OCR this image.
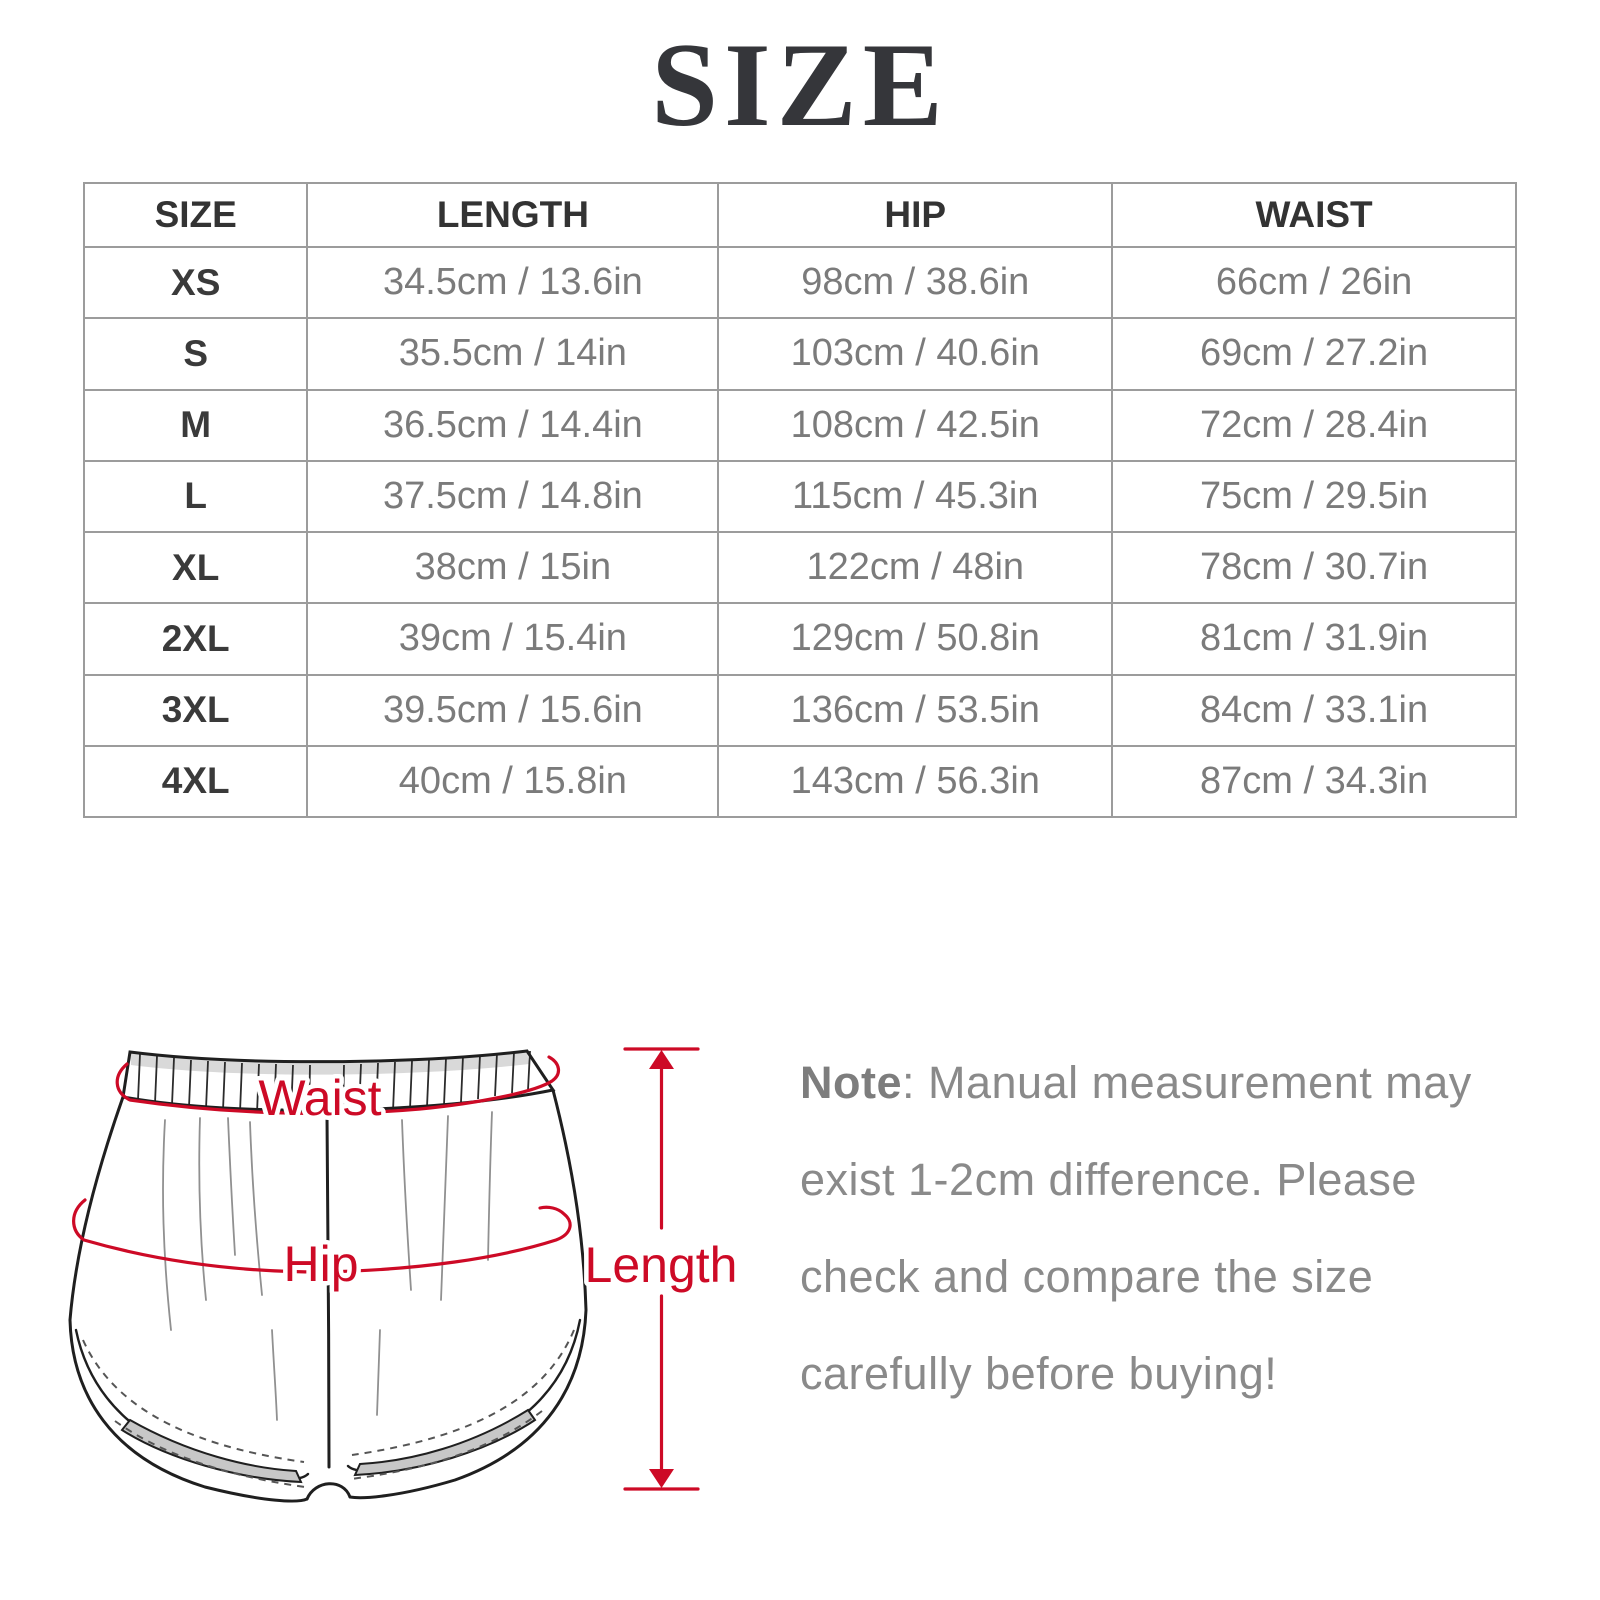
SIZE
SIZE	LENGTH	HIP	WAIST
XS	34.5cm / 13.6in	98cm / 38.6in	66cm / 26in
S	35.5cm / 14in	103cm / 40.6in	69cm / 27.2in
M	36.5cm / 14.4in	108cm / 42.5in	72cm / 28.4in
L	37.5cm / 14.8in	115cm / 45.3in	75cm / 29.5in
XL	38cm / 15in	122cm / 48in	78cm / 30.7in
2XL	39cm / 15.4in	129cm / 50.8in	81cm / 31.9in
3XL	39.5cm / 15.6in	136cm / 53.5in	84cm / 33.1in
4XL	40cm / 15.8in	143cm / 56.3in	87cm / 34.3in
Waist
Hip	Length
Note: Manual measurement may
exist 1-2cm difference. Please
check and compare the size
carefully before buying!
